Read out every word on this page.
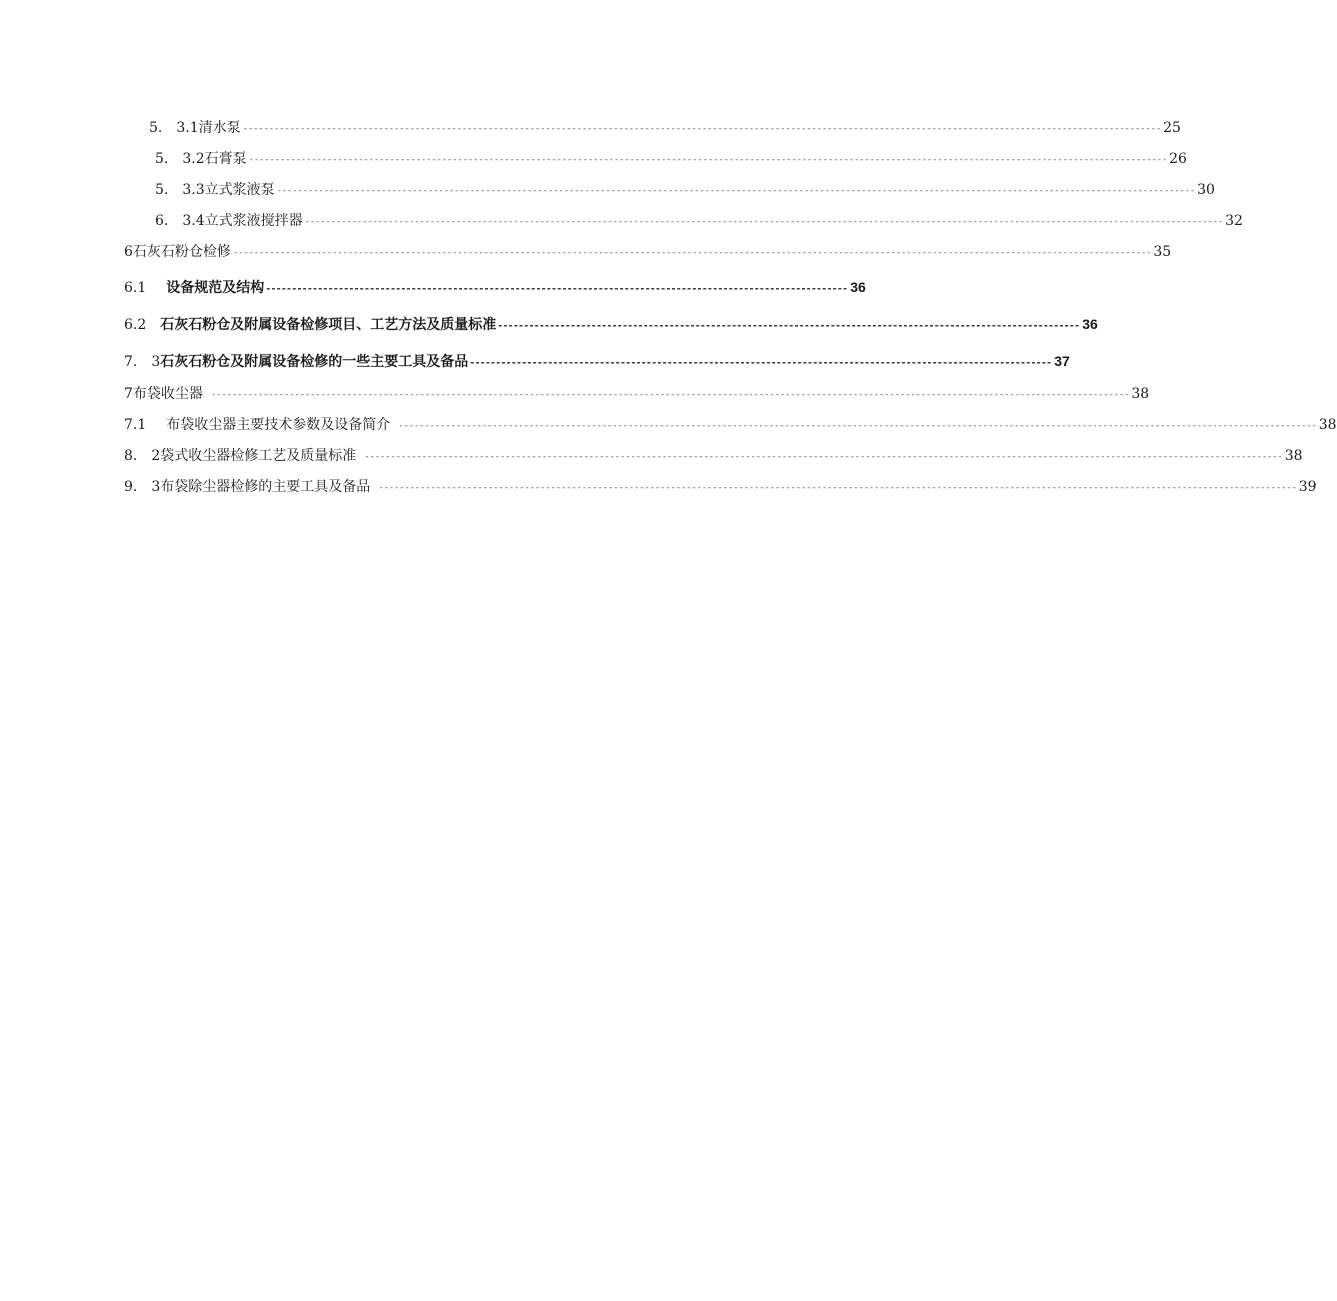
5.　3.1 清水泵 -------------------------------------------------------------------------------------------------------------------------------------------------------------------------------- 25
5.　3.2 石膏泵 -------------------------------------------------------------------------------------------------------------------------------------------------------------------------------- 26
5.　3.3 立式浆液泵 -------------------------------------------------------------------------------------------------------------------------------------------------------------------------------- 30
6.　3.4 立式浆液搅拌器 -------------------------------------------------------------------------------------------------------------------------------------------------------------------------------- 32
6 石灰石粉仓检修 -------------------------------------------------------------------------------------------------------------------------------------------------------------------------------- 35
6.1 设备规范及结构 ---------------------------------------------------------------------------------------------------------------- 36
6.2 石灰石粉仓及附属设备检修项目、工艺方法及质量标准 ---------------------------------------------------------------------------------------------------------------- 36
7.　3 石灰石粉仓及附属设备检修的一些主要工具及备品 ---------------------------------------------------------------------------------------------------------------- 37
7 布袋收尘器 -------------------------------------------------------------------------------------------------------------------------------------------------------------------------------- 38
7.1 布袋收尘器主要技术参数及设备简介 -------------------------------------------------------------------------------------------------------------------------------------------------------------------------------- 38
8.　2 袋式收尘器检修工艺及质量标准 -------------------------------------------------------------------------------------------------------------------------------------------------------------------------------- 38
9.　3 布袋除尘器检修的主要工具及备品 -------------------------------------------------------------------------------------------------------------------------------------------------------------------------------- 39
